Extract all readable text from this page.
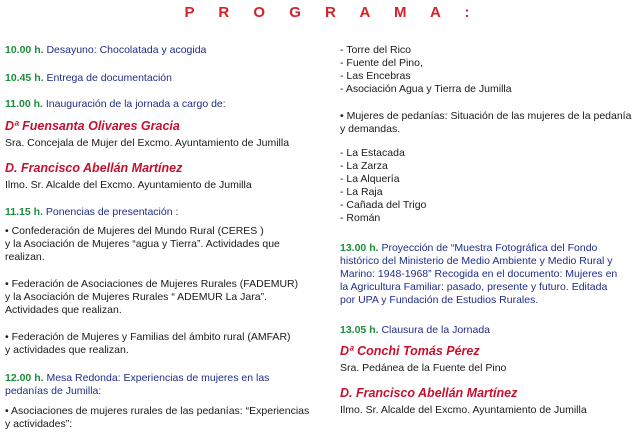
P R O G R A M A :
10.00 h. Desayuno: Chocolatada y acogida
10.45 h. Entrega de documentación
11.00 h. Inauguración de la jornada a cargo de:
Dª Fuensanta Olivares Gracia
Sra. Concejala de Mujer del Excmo. Ayuntamiento de Jumilla
D. Francisco Abellán Martínez
Ilmo. Sr. Alcalde del Excmo. Ayuntamiento de Jumilla
11.15 h. Ponencias de presentación :
• Confederación de Mujeres del Mundo Rural (CERES )
y la Asociación de Mujeres “agua y Tierra”. Actividades que
realizan.
• Federación de Asociaciones de Mujeres Rurales (FADEMUR)
y la Asociación de Mujeres Rurales “ ADEMUR La Jara”.
Actividades que realizan.
• Federación de Mujeres y Familias del ámbito rural (AMFAR)
y actividades que realizan.
12.00 h. Mesa Redonda: Experiencias de mujeres en las
pedanías de Jumilla:
• Asociaciones de mujeres rurales de las pedanías: “Experiencias
y actividades”:
- Torre del Rico
- Fuente del Pino,
- Las Encebras
- Asociación Agua y Tierra de Jumilla
• Mujeres de pedanías: Situación de las mujeres de la pedanía
y demandas.
- La Estacada
- La Zarza
- La Alquería
- La Raja
- Cañada del Trigo
- Román
13.00 h. Proyección de “Muestra Fotográfica del Fondo
histórico del Ministerio de Medio Ambiente y Medio Rural y
Marino: 1948-1968” Recogida en el documento: Mujeres en
la Agricultura Familiar: pasado, presente y futuro. Editada
por UPA y Fundación de Estudios Rurales.
13.05 h. Clausura de la Jornada
Dª Conchi Tomás Pérez
Sra. Pedánea de la Fuente del Pino
D. Francisco Abellán Martínez
Ilmo. Sr. Alcalde del Excmo. Ayuntamiento de Jumilla
